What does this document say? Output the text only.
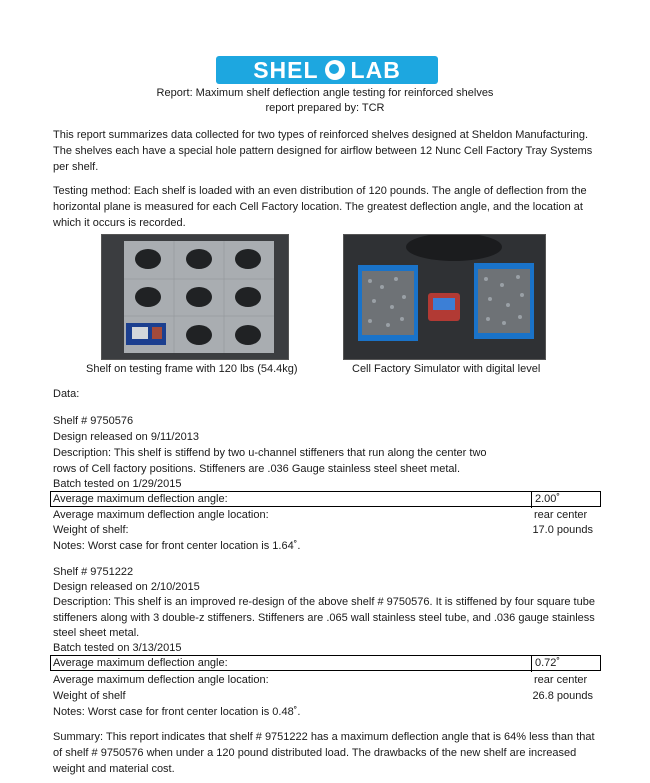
SHEL LAB
Report: Maximum shelf deflection angle testing for reinforced shelves
report prepared by: TCR
This report summarizes data collected for two types of reinforced shelves designed at Sheldon Manufacturing. The shelves each have a special hole pattern designed for airflow between 12 Nunc Cell Factory Tray Systems per shelf.
Testing method: Each shelf is loaded with an even distribution of 120 pounds. The angle of deflection from the horizontal plane is measured for each Cell Factory location. The greatest deflection angle, and the location at which it occurs is recorded.
Shelf on testing frame with 120 lbs (54.4kg)	Cell Factory Simulator with digital level
Data:
Shelf # 9750576
Design released on 9/11/2013
Description: This shelf is stiffend by two u-channel stiffeners that run along the center two
rows of Cell factory positions. Stiffeners are .036 Gauge stainless steel sheet metal.
Batch tested on 1/29/2015
Average maximum deflection angle:	2.00˚
Average maximum deflection angle location:	rear center
Weight of shelf:	17.0 pounds
Notes: Worst case for front center location is 1.64˚.
Shelf # 9751222
Design released on 2/10/2015
Description: This shelf is an improved re-design of the above shelf # 9750576. It is stiffened by four square tube stiffeners along with 3 double-z stiffeners. Stiffeners are .065 wall stainless steel tube, and .036 gauge stainless steel sheet metal.
Batch tested on 3/13/2015
Average maximum deflection angle:	0.72˚
Average maximum deflection angle location:	rear center
Weight of shelf	26.8 pounds
Notes: Worst case for front center location is 0.48˚.
Summary: This report indicates that shelf # 9751222 has a maximum deflection angle that is 64% less than that of shelf # 9750576 when under a 120 pound distributed load. The drawbacks of the new shelf are increased weight and material cost.
